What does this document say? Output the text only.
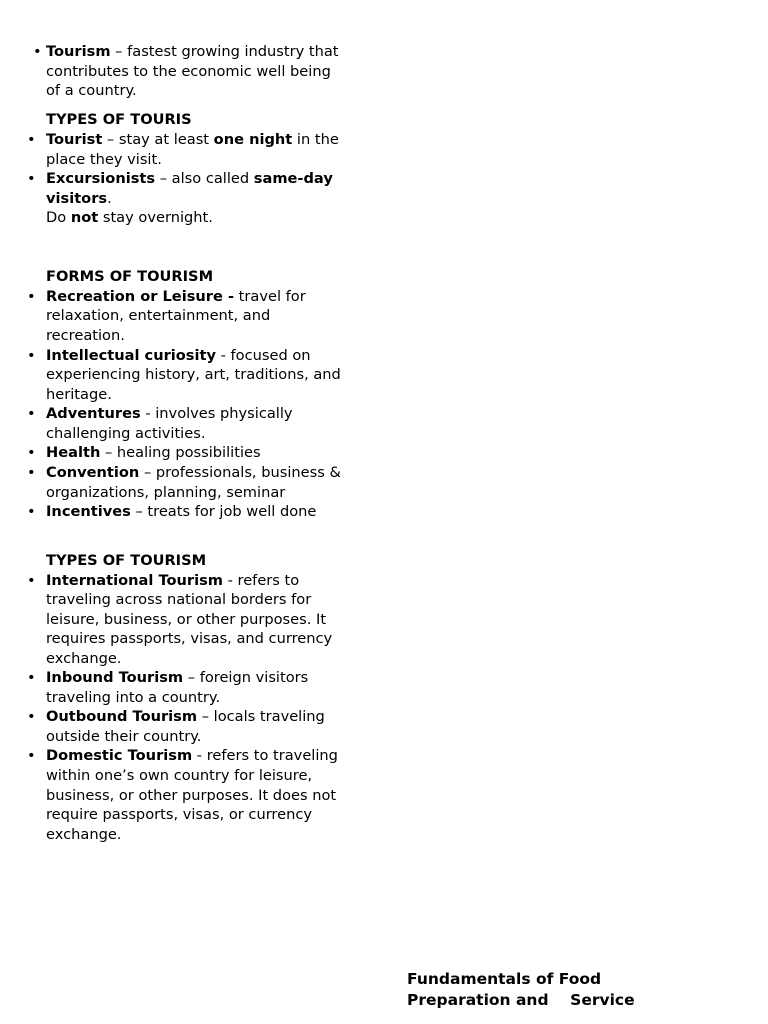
• Tourism – fastest growing industry that
contributes to the economic well being
of a country.
TYPES OF TOURIS
• Tourist – stay at least one night in the
place they visit.
• Excursionists – also called same-day
visitors.
Do not stay overnight.
FORMS OF TOURISM
• Recreation or Leisure - travel for
relaxation, entertainment, and
recreation.
• Intellectual curiosity - focused on
experiencing history, art, traditions, and
heritage.
• Adventures - involves physically
challenging activities.
• Health – healing possibilities
• Convention – professionals, business &
organizations, planning, seminar
• Incentives – treats for job well done
TYPES OF TOURISM
• International Tourism - refers to
traveling across national borders for
leisure, business, or other purposes. It
requires passports, visas, and currency
exchange.
• Inbound Tourism – foreign visitors
traveling into a country.
• Outbound Tourism – locals traveling
outside their country.
• Domestic Tourism - refers to traveling
within one’s own country for leisure,
business, or other purposes. It does not
require passports, visas, or currency
exchange.
Fundamentals of Food
Preparation and    Service
